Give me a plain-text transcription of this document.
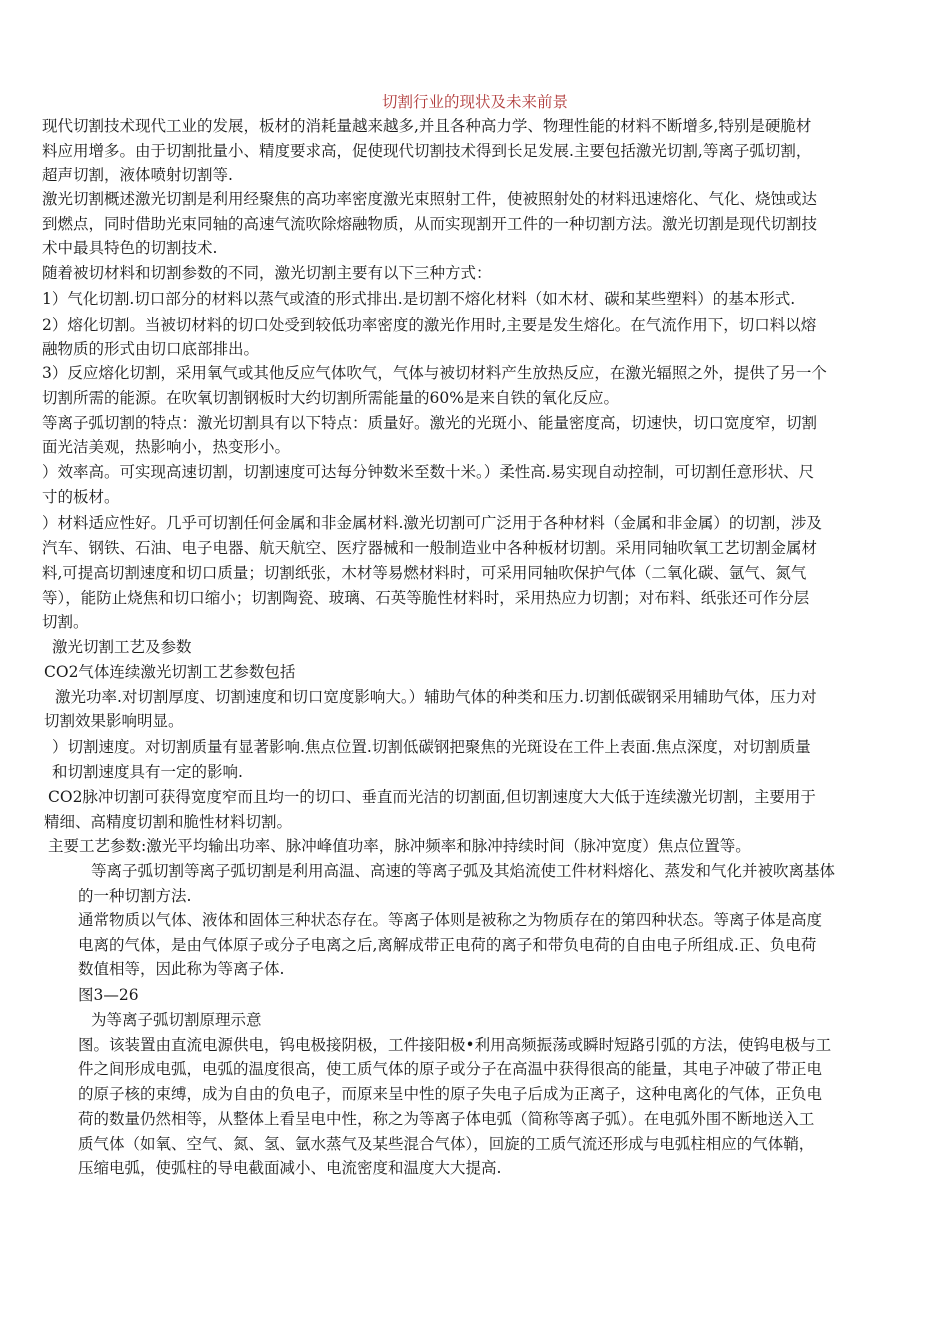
切割行业的现状及未来前景
现代切割技术现代工业的发展，板材的消耗量越来越多,并且各种高力学、物理性能的材料不断增多,特别是硬脆材
料应用增多。由于切割批量小、精度要求高，促使现代切割技术得到长足发展.主要包括激光切割,等离子弧切割，
超声切割，液体喷射切割等.
激光切割概述激光切割是利用经聚焦的高功率密度激光束照射工件，使被照射处的材料迅速熔化、气化、烧蚀或达
到燃点，同时借助光束同轴的高速气流吹除熔融物质，从而实现割开工件的一种切割方法。激光切割是现代切割技
术中最具特色的切割技术.
随着被切材料和切割参数的不同，激光切割主要有以下三种方式：
1）气化切割.切口部分的材料以蒸气或渣的形式排出.是切割不熔化材料（如木材、碳和某些塑料）的基本形式.
2）熔化切割。当被切材料的切口处受到较低功率密度的激光作用时,主要是发生熔化。在气流作用下，切口料以熔
融物质的形式由切口底部排出。
3）反应熔化切割，采用氧气或其他反应气体吹气，气体与被切材料产生放热反应，在激光辐照之外，提供了另一个
切割所需的能源。在吹氧切割钢板时大约切割所需能量的60%是来自铁的氧化反应。
等离子弧切割的特点：激光切割具有以下特点：质量好。激光的光斑小、能量密度高，切速快，切口宽度窄，切割
面光洁美观，热影响小，热变形小。
）效率高。可实现高速切割，切割速度可达每分钟数米至数十米。）柔性高.易实现自动控制，可切割任意形状、尺
寸的板材。
）材料适应性好。几乎可切割任何金属和非金属材料.激光切割可广泛用于各种材料（金属和非金属）的切割，涉及
汽车、钢铁、石油、电子电器、航天航空、医疗器械和一般制造业中各种板材切割。采用同轴吹氧工艺切割金属材
料,可提高切割速度和切口质量；切割纸张，木材等易燃材料时，可采用同轴吹保护气体（二氧化碳、氩气、氮气
等），能防止烧焦和切口缩小；切割陶瓷、玻璃、石英等脆性材料时，采用热应力切割；对布料、纸张还可作分层
切割。
激光切割工艺及参数
CO2气体连续激光切割工艺参数包括
激光功率.对切割厚度、切割速度和切口宽度影响大。）辅助气体的种类和压力.切割低碳钢采用辅助气体，压力对
切割效果影响明显。
）切割速度。对切割质量有显著影响.焦点位置.切割低碳钢把聚焦的光斑设在工件上表面.焦点深度，对切割质量
和切割速度具有一定的影响.
CO2脉冲切割可获得宽度窄而且均一的切口、垂直而光洁的切割面,但切割速度大大低于连续激光切割，主要用于
精细、高精度切割和脆性材料切割。
主要工艺参数:激光平均输出功率、脉冲峰值功率，脉冲频率和脉冲持续时间（脉冲宽度）焦点位置等。
等离子弧切割等离子弧切割是利用高温、高速的等离子弧及其焰流使工件材料熔化、蒸发和气化并被吹离基体
的一种切割方法.
通常物质以气体、液体和固体三种状态存在。等离子体则是被称之为物质存在的第四种状态。等离子体是高度
电离的气体，是由气体原子或分子电离之后,离解成带正电荷的离子和带负电荷的自由电子所组成.正、负电荷
数值相等，因此称为等离子体.
图3—26
为等离子弧切割原理示意
图。该装置由直流电源供电，钨电极接阴极，工件接阳极•利用高频振荡或瞬时短路引弧的方法，使钨电极与工
件之间形成电弧，电弧的温度很高，使工质气体的原子或分子在高温中获得很高的能量，其电子冲破了带正电
的原子核的束缚，成为自由的负电子，而原来呈中性的原子失电子后成为正离子，这种电离化的气体，正负电
荷的数量仍然相等，从整体上看呈电中性，称之为等离子体电弧（简称等离子弧）。在电弧外围不断地送入工
质气体（如氧、空气、氮、氢、氩水蒸气及某些混合气体），回旋的工质气流还形成与电弧柱相应的气体鞘，
压缩电弧，使弧柱的导电截面减小、电流密度和温度大大提高.
